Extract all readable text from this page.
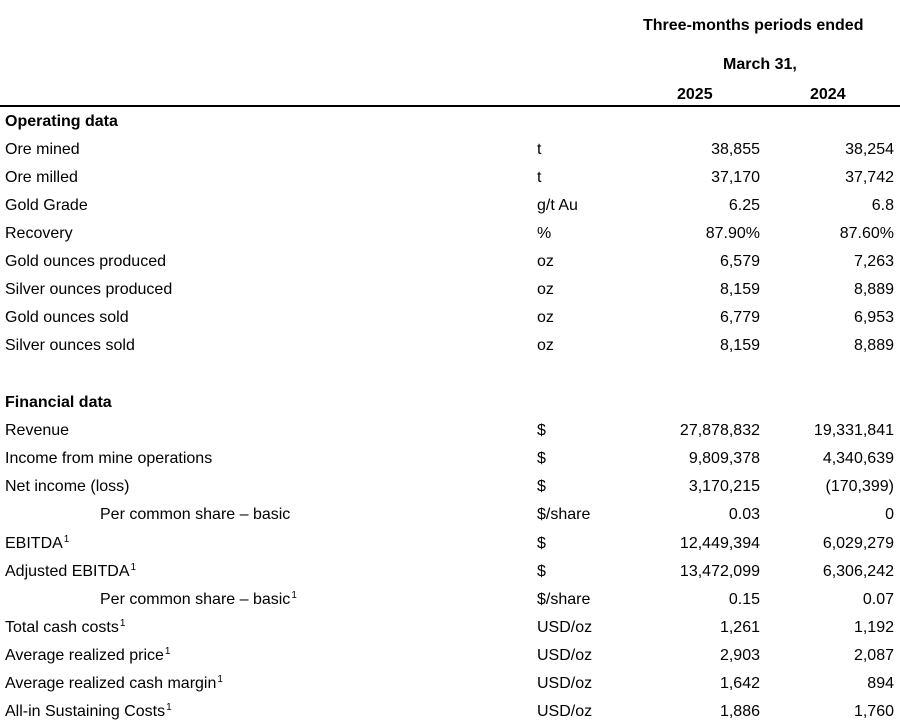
Three-months periods ended
March 31,
2025	2024
Operating data
Ore mined	t	38,855	38,254
Ore milled	t	37,170	37,742
Gold Grade	g/t Au	6.25	6.8
Recovery	%	87.90%	87.60%
Gold ounces produced	oz	6,579	7,263
Silver ounces produced	oz	8,159	8,889
Gold ounces sold	oz	6,779	6,953
Silver ounces sold	oz	8,159	8,889
Financial data
Revenue	$	27,878,832	19,331,841
Income from mine operations	$	9,809,378	4,340,639
Net income (loss)	$	3,170,215	(170,399)
Per common share – basic	$/share	0.03	0
EBITDA$^1$	$	12,449,394	6,029,279
Adjusted EBITDA$^1$	$	13,472,099	6,306,242
Per common share – basic$^1$	$/share	0.15	0.07
Total cash costs$^1$	USD/oz	1,261	1,192
Average realized price$^1$	USD/oz	2,903	2,087
Average realized cash margin$^1$	USD/oz	1,642	894
All-in Sustaining Costs$^1$	USD/oz	1,886	1,760
